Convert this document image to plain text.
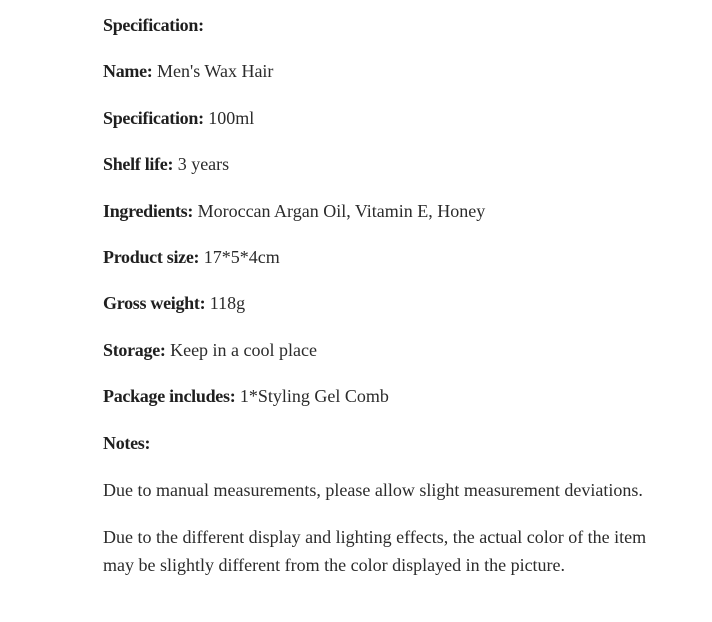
Specification:

Name: Men's Wax Hair

Specification: 100ml

Shelf life: 3 years

Ingredients: Moroccan Argan Oil, Vitamin E, Honey

Product size: 17*5*4cm

Gross weight: 118g

Storage: Keep in a cool place

Package includes: 1*Styling Gel Comb

Notes:

Due to manual measurements, please allow slight measurement deviations.

Due to the different display and lighting effects, the actual color of the item may be slightly different from the color displayed in the picture.
